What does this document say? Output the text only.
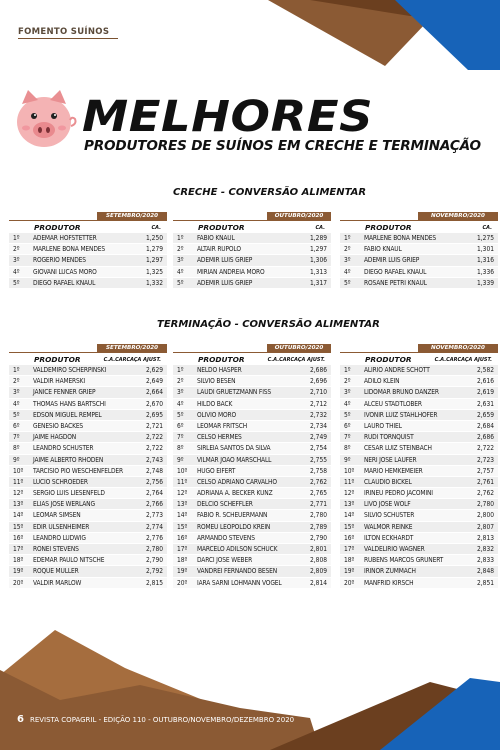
FOMENTO SUÍNOS
MELHORES
PRODUTORES DE SUÍNOS EM CRECHE E TERMINAÇÃO
CRECHE - CONVERSÃO ALIMENTAR
SETEMBRO/2020
PRODUTOR	CA.
1º	ADEMAR HOFSTETTER	1,250
2º	MARLENE BONA MENDES	1,279
3º	ROGERIO MENDES	1,297
4º	GIOVANI LUCAS MORO	1,325
5º	DIEGO RAFAEL KNAUL	1,332
OUTUBRO/2020
PRODUTOR	CA.
1º	FABIO KNAUL	1,289
2º	ALTAIR RUPOLO	1,297
3º	ADEMIR LUIS GRIEP	1,306
4º	MIRIAN ANDREIA MORO	1,313
5º	ADEMIR LUIS GRIEP	1,317
NOVEMBRO/2020
PRODUTOR	CA.
1º	MARLENE BONA MENDES	1,275
2º	FABIO KNAUL	1,301
3º	ADEMIR LUIS GRIEP	1,316
4º	DIEGO RAFAEL KNAUL	1,336
5º	ROSANE PETRI KNAUL	1,339
TERMINAÇÃO - CONVERSÃO ALIMENTAR
SETEMBRO/2020
PRODUTOR	C.A.CARCAÇA AJUST.
1º	VALDEMIRO SCHERPINSKI	2,629
2º	VALDIR HAMERSKI	2,649
3º	JANICE FENNER GRIEP	2,664
4º	THOMAS HANS BARTSCHI	2,670
5º	EDSON MIGUEL REMPEL	2,695
6º	GENESIO BACKES	2,721
7º	JAIME HAGDON	2,722
8º	LEANDRO SCHUSTER	2,722
9º	JAIME ALBERTO RHODEN	2,743
10º	TARCISIO PIO WESCHENFELDER	2,748
11º	LUCIO SCHROEDER	2,756
12º	SERGIO LUIS LIESENFELD	2,764
13º	ELIAS JOSE WERLANG	2,766
14º	LEOMAR SIMSEN	2,773
15º	EDIR ULSENHEIMER	2,774
16º	LEANDRO LUDWIG	2,776
17º	RONEI STEVENS	2,780
18º	EDEMAR PAULO NITSCHE	2,790
19º	ROQUE MULLER	2,792
20º	VALDIR MARLOW	2,815
OUTUBRO/2020
PRODUTOR	C.A.CARCAÇA AJUST.
1º	NELDO HASPER	2,686
2º	SILVIO BESEN	2,696
3º	LAUDI GRUETZMANN FISS	2,710
4º	HILDO BACK	2,712
5º	OLIVIO MORO	2,732
6º	LEOMAR FRITSCH	2,734
7º	CELSO HERMES	2,749
8º	SIRLEIA SANTOS DA SILVA	2,754
9º	VILMAR JOAO MARSCHALL	2,755
10º	HUGO EIFERT	2,758
11º	CELSO ADRIANO CARVALHO	2,762
12º	ADRIANA A. BECKER KUNZ	2,765
13º	DELCIO SCHEFFLER	2,771
14º	FABIO R. SCHEUERMANN	2,780
15º	ROMEU LEOPOLDO KREIN	2,789
16º	ARMANDO STEVENS	2,790
17º	MARCELO ADILSON SCHUCK	2,801
18º	DARCI JOSE WEBER	2,808
19º	VANDREI FERNANDO BESEN	2,809
20º	IARA SARNI LOHMANN VOGEL	2,814
NOVEMBRO/2020
PRODUTOR	C.A.CARCAÇA AJUST.
1º	ALIRIO ANDRE SCHOTT	2,582
2º	ADILO KLEIN	2,616
3º	LIDOMAR BRUNO DANZER	2,619
4º	ALCEU STADTLOBER	2,631
5º	IVONIR LUIZ STAHLHOFER	2,659
6º	LAURO THIEL	2,684
7º	RUDI TORNQUIST	2,686
8º	CESAR LUIZ STEINBACH	2,722
9º	NERI JOSE LAUFER	2,723
10º	MARIO HEMKEMEIER	2,757
11º	CLAUDIO BICKEL	2,761
12º	IRINEU PEDRO JACOMINI	2,762
13º	LIVO JOSE WOLF	2,780
14º	SILVIO SCHUSTER	2,800
15º	WALMOR REINKE	2,807
16º	ILTON ECKHARDT	2,813
17º	VALDELIRIO WAGNER	2,832
18º	RUBENS MARCOS GRUNERT	2,833
19º	IRINOR ZUMMACH	2,848
20º	MANFRID KIRSCH	2,851
6 REVISTA COPAGRIL - EDIÇÃO 110 - OUTUBRO/NOVEMBRO/DEZEMBRO 2020
